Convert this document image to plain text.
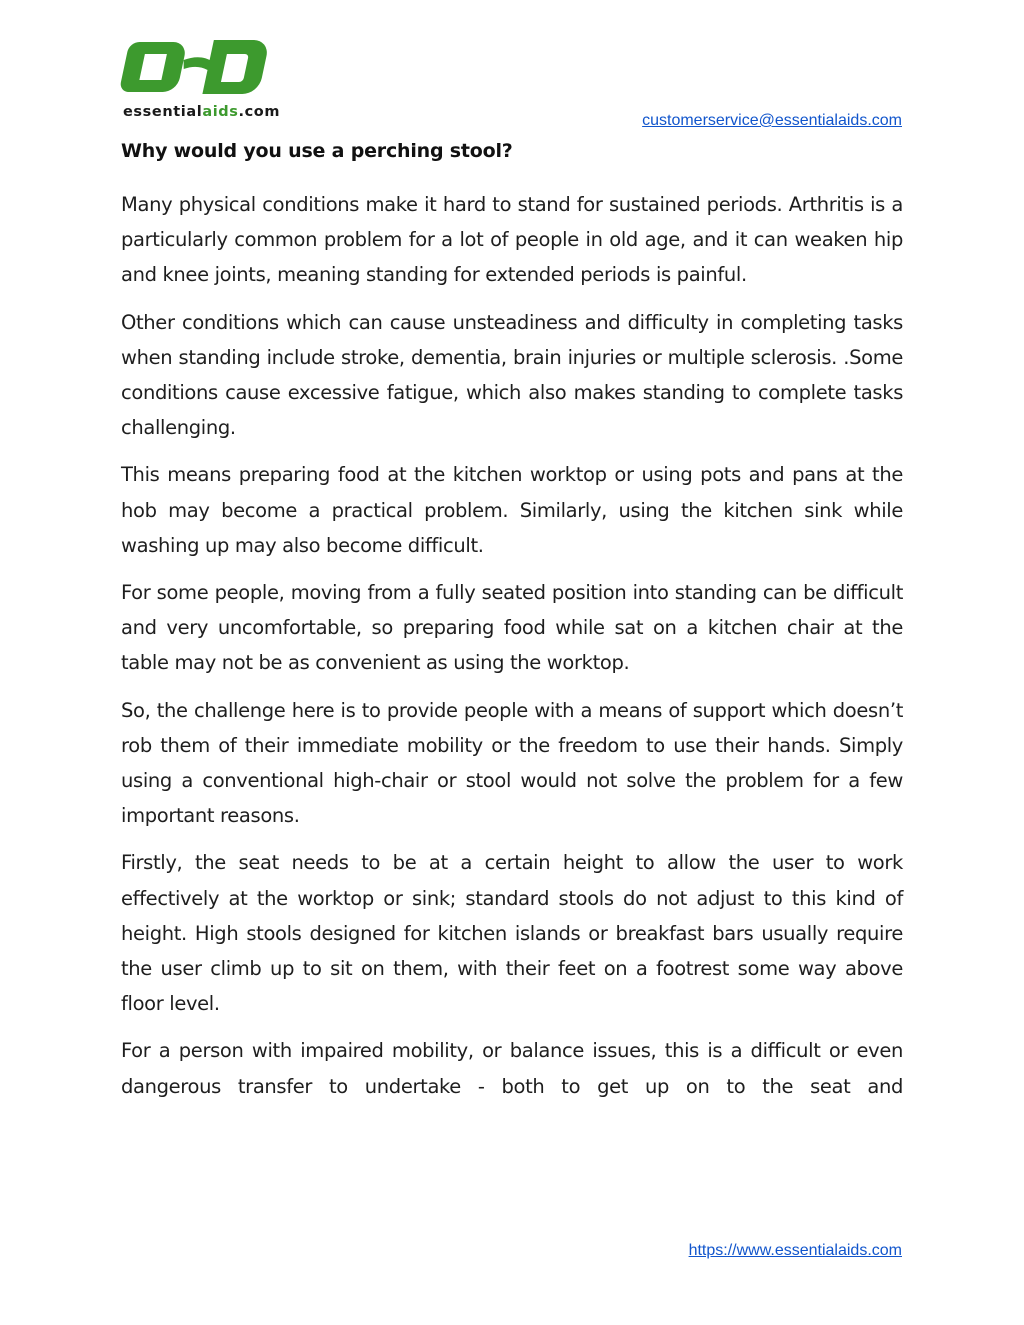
essentialaids.com	customerservice@essentialaids.com
Why would you use a perching stool?

Many physical conditions make it hard to stand for sustained periods. Arthritis is a particularly common problem for a lot of people in old age, and it can weaken hip and knee joints, meaning standing for extended periods is painful.

Other conditions which can cause unsteadiness and difficulty in completing tasks when standing include stroke, dementia, brain injuries or multiple sclerosis. .Some conditions cause excessive fatigue, which also makes standing to complete tasks challenging.

This means preparing food at the kitchen worktop or using pots and pans at the hob may become a practical problem. Similarly, using the kitchen sink while washing up may also become difficult.

For some people, moving from a fully seated position into standing can be difficult and very uncomfortable, so preparing food while sat on a kitchen chair at the table may not be as convenient as using the worktop.

So, the challenge here is to provide people with a means of support which doesn’t rob them of their immediate mobility or the freedom to use their hands. Simply using a conventional high-chair or stool would not solve the problem for a few important reasons.

Firstly, the seat needs to be at a certain height to allow the user to work effectively at the worktop or sink; standard stools do not adjust to this kind of height. High stools designed for kitchen islands or breakfast bars usually require the user climb up to sit on them, with their feet on a footrest some way above floor level.

For a person with impaired mobility, or balance issues, this is a difficult or even dangerous transfer to undertake - both to get up on to the seat and

https://www.essentialaids.com
